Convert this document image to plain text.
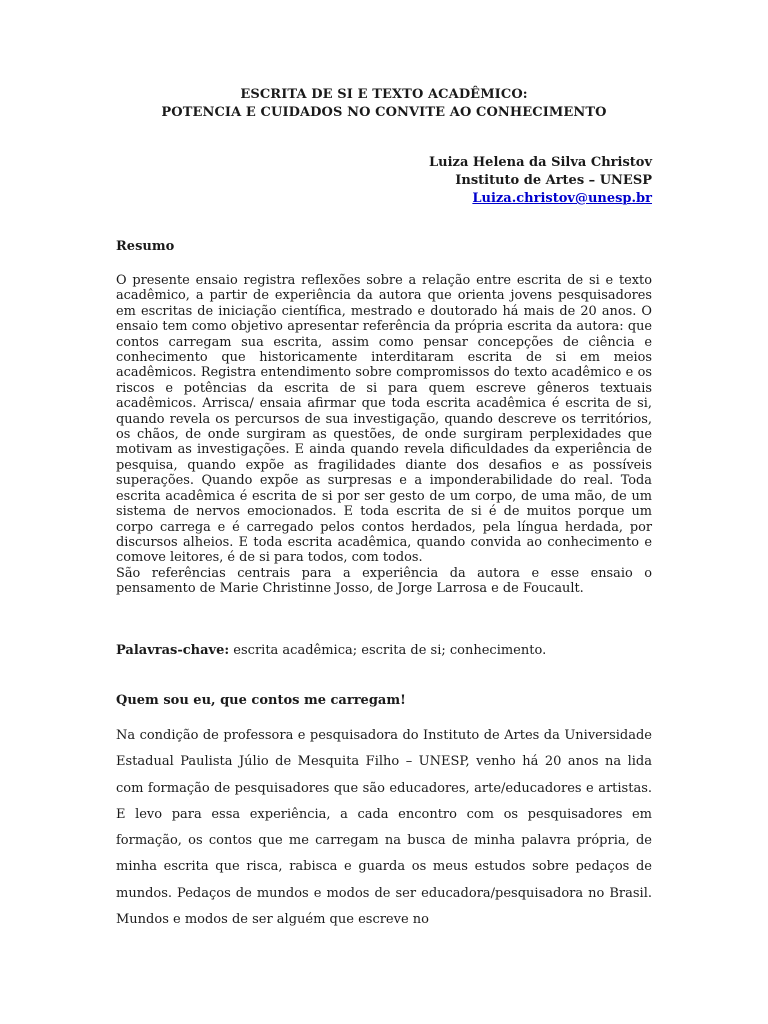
ESCRITA DE SI E TEXTO ACADÊMICO:
POTENCIA E CUIDADOS NO CONVITE AO CONHECIMENTO
Luiza Helena da Silva Christov
Instituto de Artes – UNESP
Luiza.christov@unesp.br
Resumo

O presente ensaio registra reflexões sobre a relação entre escrita de si e texto acadêmico, a partir de experiência da autora que orienta jovens pesquisadores em escritas de iniciação científica, mestrado e doutorado há mais de 20 anos. O ensaio tem como objetivo apresentar referência da própria escrita da autora: que contos carregam sua escrita, assim como pensar concepções de ciência e conhecimento que historicamente interditaram escrita de si em meios acadêmicos. Registra entendimento sobre compromissos do texto acadêmico e os riscos e potências da escrita de si para quem escreve gêneros textuais acadêmicos. Arrisca/ ensaia afirmar que toda escrita acadêmica é escrita de si, quando revela os percursos de sua investigação, quando descreve os territórios, os chãos, de onde surgiram as questões, de onde surgiram perplexidades que motivam as investigações. E ainda quando revela dificuldades da experiência de pesquisa, quando expõe as fragilidades diante dos desafios e as possíveis superações. Quando expõe as surpresas e a imponderabilidade do real. Toda escrita acadêmica é escrita de si por ser gesto de um corpo, de uma mão, de um sistema de nervos emocionados. E toda escrita de si é de muitos porque um corpo carrega e é carregado pelos contos herdados, pela língua herdada, por discursos alheios. E toda escrita acadêmica, quando convida ao conhecimento e comove leitores, é de si para todos, com todos.

São referências centrais para a experiência da autora e esse ensaio o pensamento de Marie Christinne Josso, de Jorge Larrosa e de Foucault.

Palavras-chave: escrita acadêmica; escrita de si; conhecimento.
Quem sou eu, que contos me carregam!

Na condição de professora e pesquisadora do Instituto de Artes da Universidade Estadual Paulista Júlio de Mesquita Filho – UNESP, venho há 20 anos na lida com formação de pesquisadores que são educadores, arte/educadores e artistas. E levo para essa experiência, a cada encontro com os pesquisadores em formação, os contos que me carregam na busca de minha palavra própria, de minha escrita que risca, rabisca e guarda os meus estudos sobre pedaços de mundos. Pedaços de mundos e modos de ser educadora/pesquisadora no Brasil. Mundos e modos de ser alguém que escreve no
